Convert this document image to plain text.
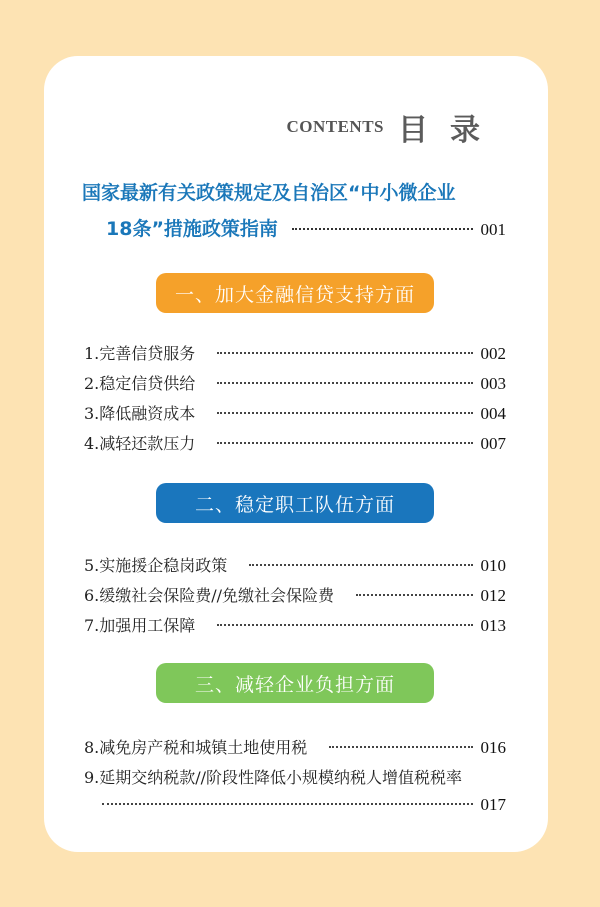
CONTENTS 目录
国家最新有关政策规定及自治区“中小微企业
18条”措施政策指南	001
一、加大金融信贷支持方面
1.完善信贷服务	002
2.稳定信贷供给	003
3.降低融资成本	004
4.减轻还款压力	007
二、稳定职工队伍方面
5.实施援企稳岗政策	010
6.缓缴社会保险费//免缴社会保险费	012
7.加强用工保障	013
三、减轻企业负担方面
8.减免房产税和城镇土地使用税	016
9.延期交纳税款//阶段性降低小规模纳税人增值税税率
017
